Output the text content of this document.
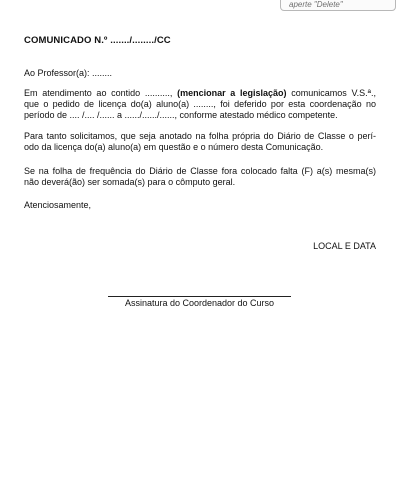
aperte "Delete"
COMUNICADO N.º ......./......../CC

Ao Professor(a): ........

Em atendimento ao contido .........., (mencionar a legislação) comunicamos V.S.ª.,
que o pedido de licença do(a) aluno(a) ........, foi deferido por esta coordenação no
período de .... /.... /...... a ....../....../......, conforme atestado médico competente.

Para tanto solicitamos, que seja anotado na folha própria do Diário de Classe o perí-
odo da licença do(a) aluno(a) em questão e o número desta Comunicação.

Se na folha de frequência do Diário de Classe fora colocado falta (F) a(s) mesma(s)
não deverá(ão) ser somada(s) para o cômputo geral.

Atenciosamente,

LOCAL E DATA
Assinatura do Coordenador do Curso
